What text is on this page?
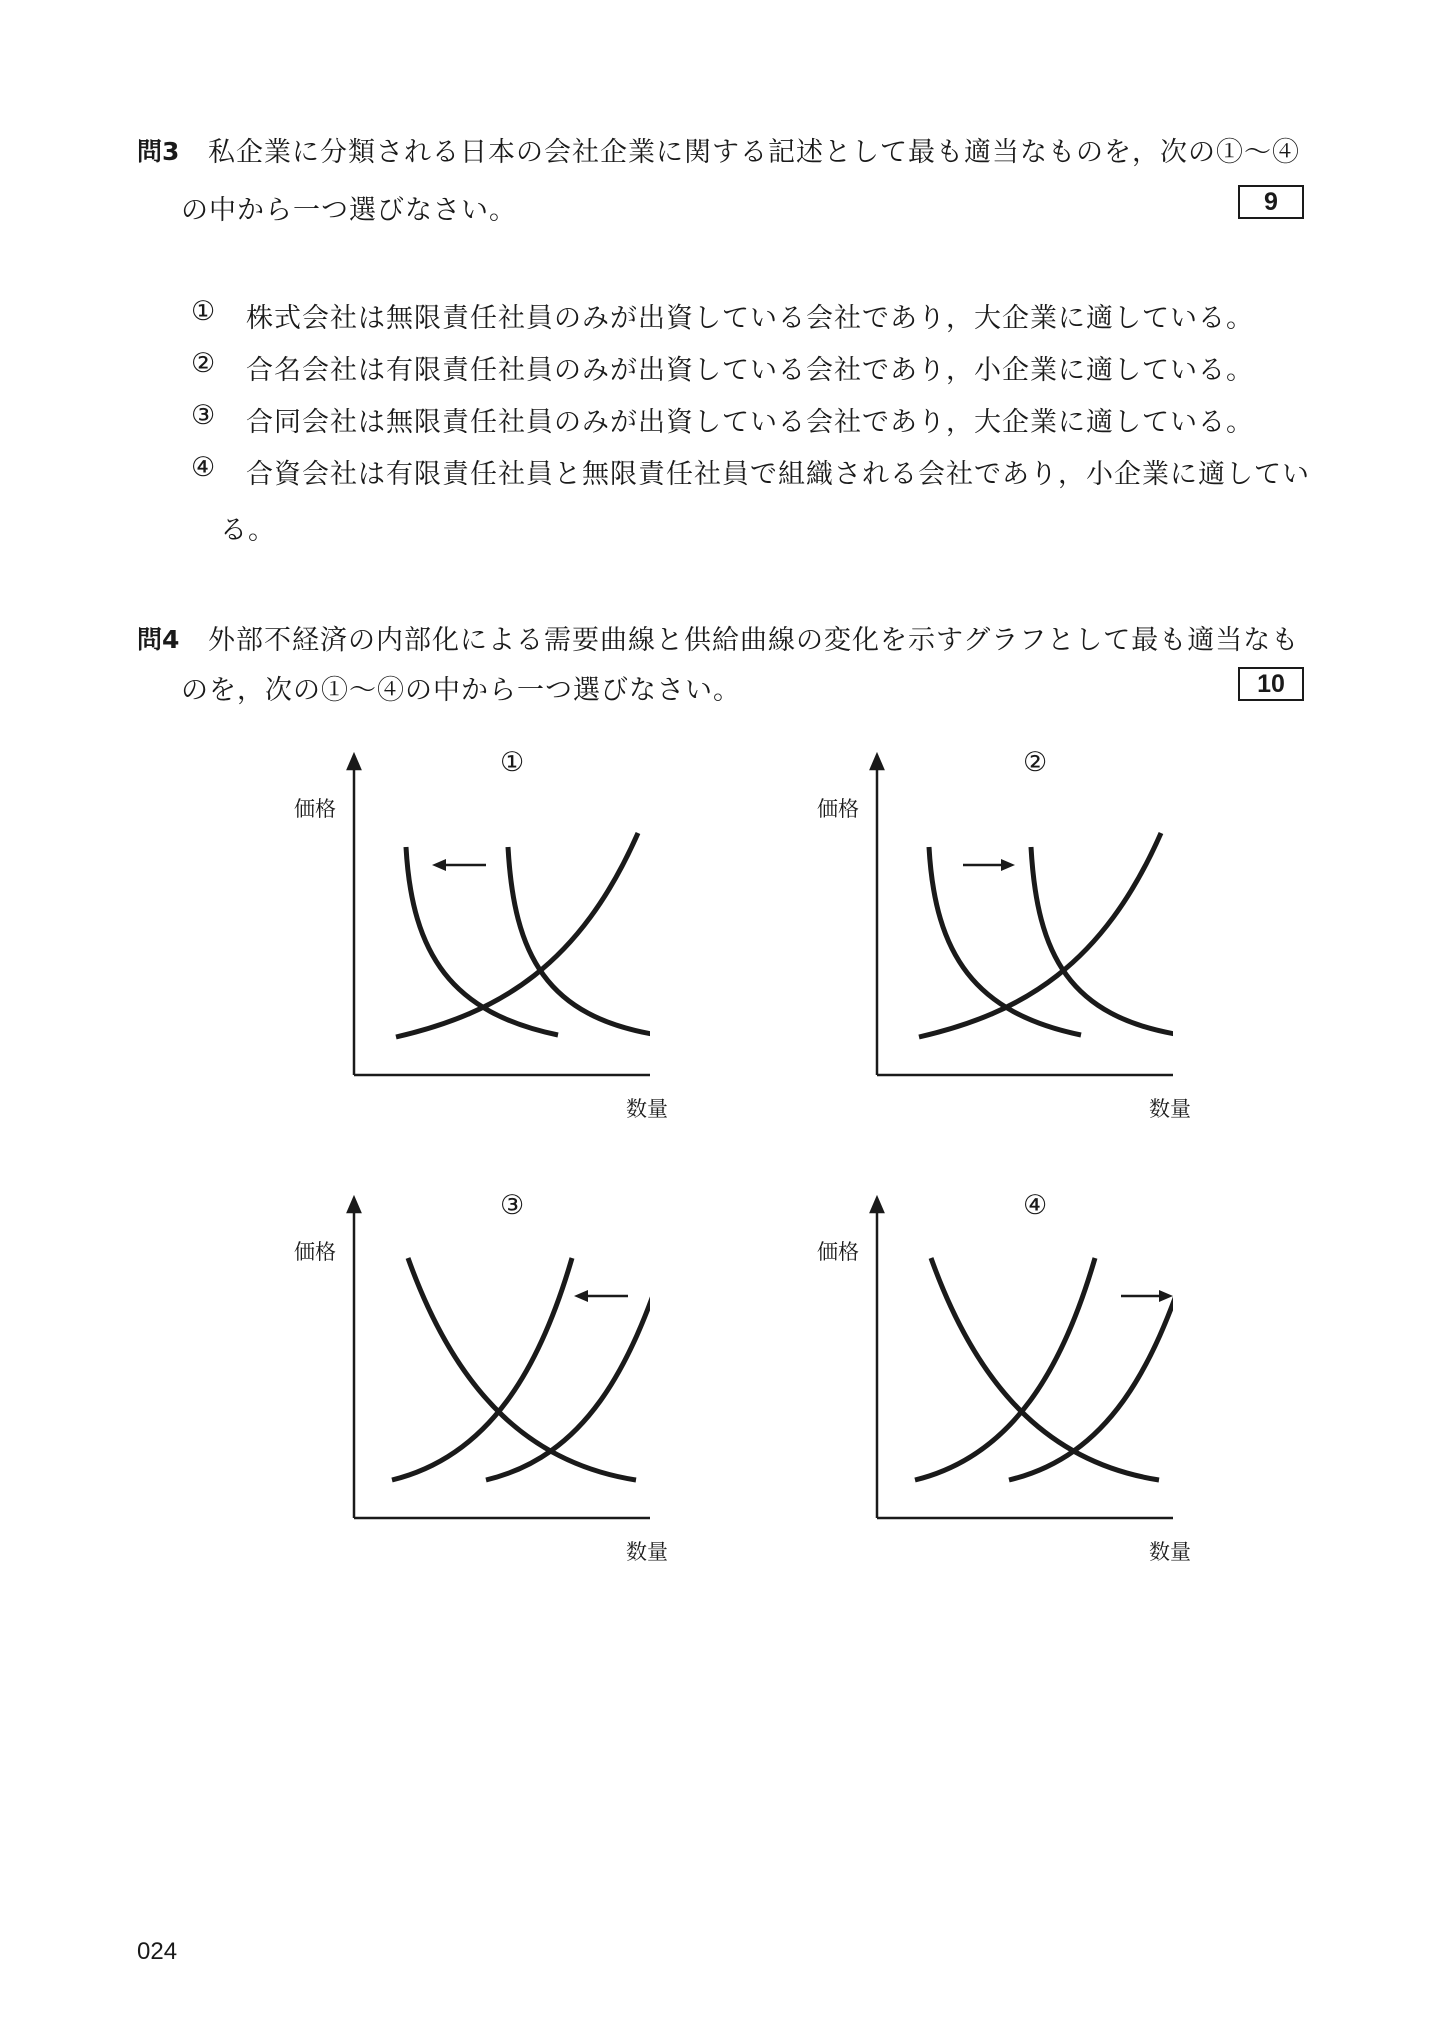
問3 私企業に分類される日本の会社企業に関する記述として最も適当なものを，次の①～④
の中から一つ選びなさい。	9
① 株式会社は無限責任社員のみが出資している会社であり，大企業に適している。
② 合名会社は有限責任社員のみが出資している会社であり，小企業に適している。
③ 合同会社は無限責任社員のみが出資している会社であり，大企業に適している。
④ 合資会社は有限責任社員と無限責任社員で組織される会社であり，小企業に適してい
る。
問4 外部不経済の内部化による需要曲線と供給曲線の変化を示すグラフとして最も適当なも
のを，次の①～④の中から一つ選びなさい。	10
①
価格
数量
②
価格
数量
③
価格
数量
④
価格
数量
024
